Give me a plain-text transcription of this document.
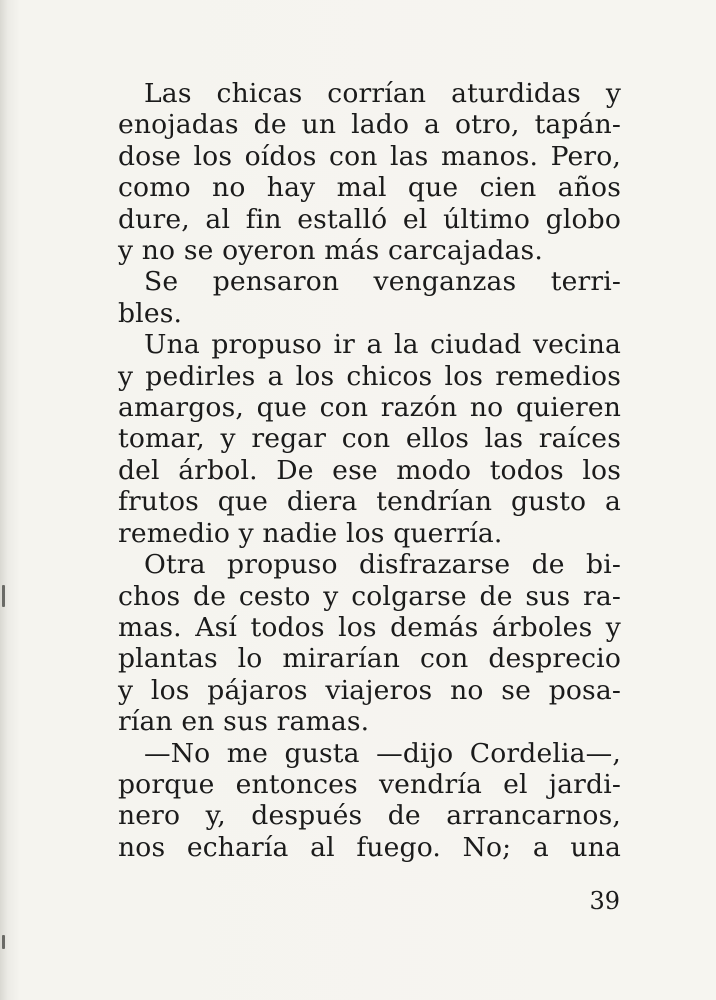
Las chicas corrían aturdidas y
enojadas de un lado a otro, tapán-
dose los oídos con las manos. Pero,
como no hay mal que cien años
dure, al fin estalló el último globo
y no se oyeron más carcajadas.
Se pensaron venganzas terri-
bles.
Una propuso ir a la ciudad vecina
y pedirles a los chicos los remedios
amargos, que con razón no quieren
tomar, y regar con ellos las raíces
del árbol. De ese modo todos los
frutos que diera tendrían gusto a
remedio y nadie los querría.
Otra propuso disfrazarse de bi-
chos de cesto y colgarse de sus ra-
mas. Así todos los demás árboles y
plantas lo mirarían con desprecio
y los pájaros viajeros no se posa-
rían en sus ramas.
—No me gusta —dijo Cordelia—,
porque entonces vendría el jardi-
nero y, después de arrancarnos,
nos echaría al fuego. No; a una
39
